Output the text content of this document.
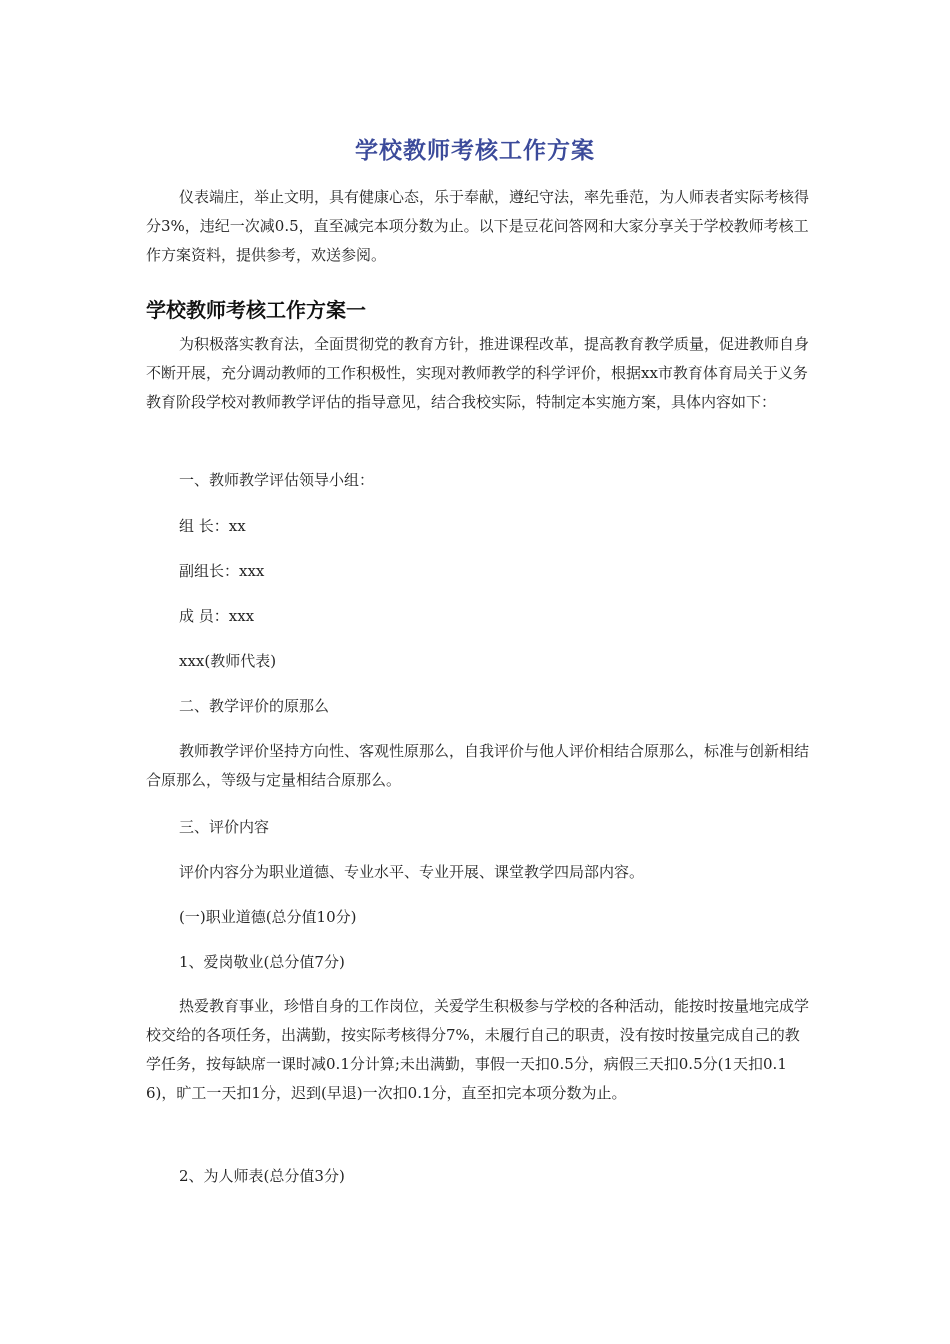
学校教师考核工作方案
仪表端庄，举止文明，具有健康心态，乐于奉献，遵纪守法，率先垂范，为人师表者实际考核得分3%，违纪一次减0.5，直至减完本项分数为止。以下是豆花问答网和大家分享关于学校教师考核工作方案资料，提供参考，欢送参阅。
学校教师考核工作方案一
为积极落实教育法，全面贯彻党的教育方针，推进课程改革，提高教育教学质量，促进教师自身不断开展，充分调动教师的工作积极性，实现对教师教学的科学评价，根据xx市教育体育局关于义务教育阶段学校对教师教学评估的指导意见，结合我校实际，特制定本实施方案，具体内容如下：
一、教师教学评估领导小组：
组 长：xx
副组长：xxx
成 员：xxx
xxx(教师代表)
二、教学评价的原那么
教师教学评价坚持方向性、客观性原那么，自我评价与他人评价相结合原那么，标准与创新相结合原那么，等级与定量相结合原那么。
三、评价内容
评价内容分为职业道德、专业水平、专业开展、课堂教学四局部内容。
(一)职业道德(总分值10分)
1、爱岗敬业(总分值7分)
热爱教育事业，珍惜自身的工作岗位，关爱学生积极参与学校的各种活动，能按时按量地完成学校交给的各项任务，出满勤，按实际考核得分7%，未履行自己的职责，没有按时按量完成自己的教学任务，按每缺席一课时减0.1分计算;未出满勤，事假一天扣0.5分，病假三天扣0.5分(1天扣0.16)，旷工一天扣1分，迟到(早退)一次扣0.1分，直至扣完本项分数为止。
2、为人师表(总分值3分)
